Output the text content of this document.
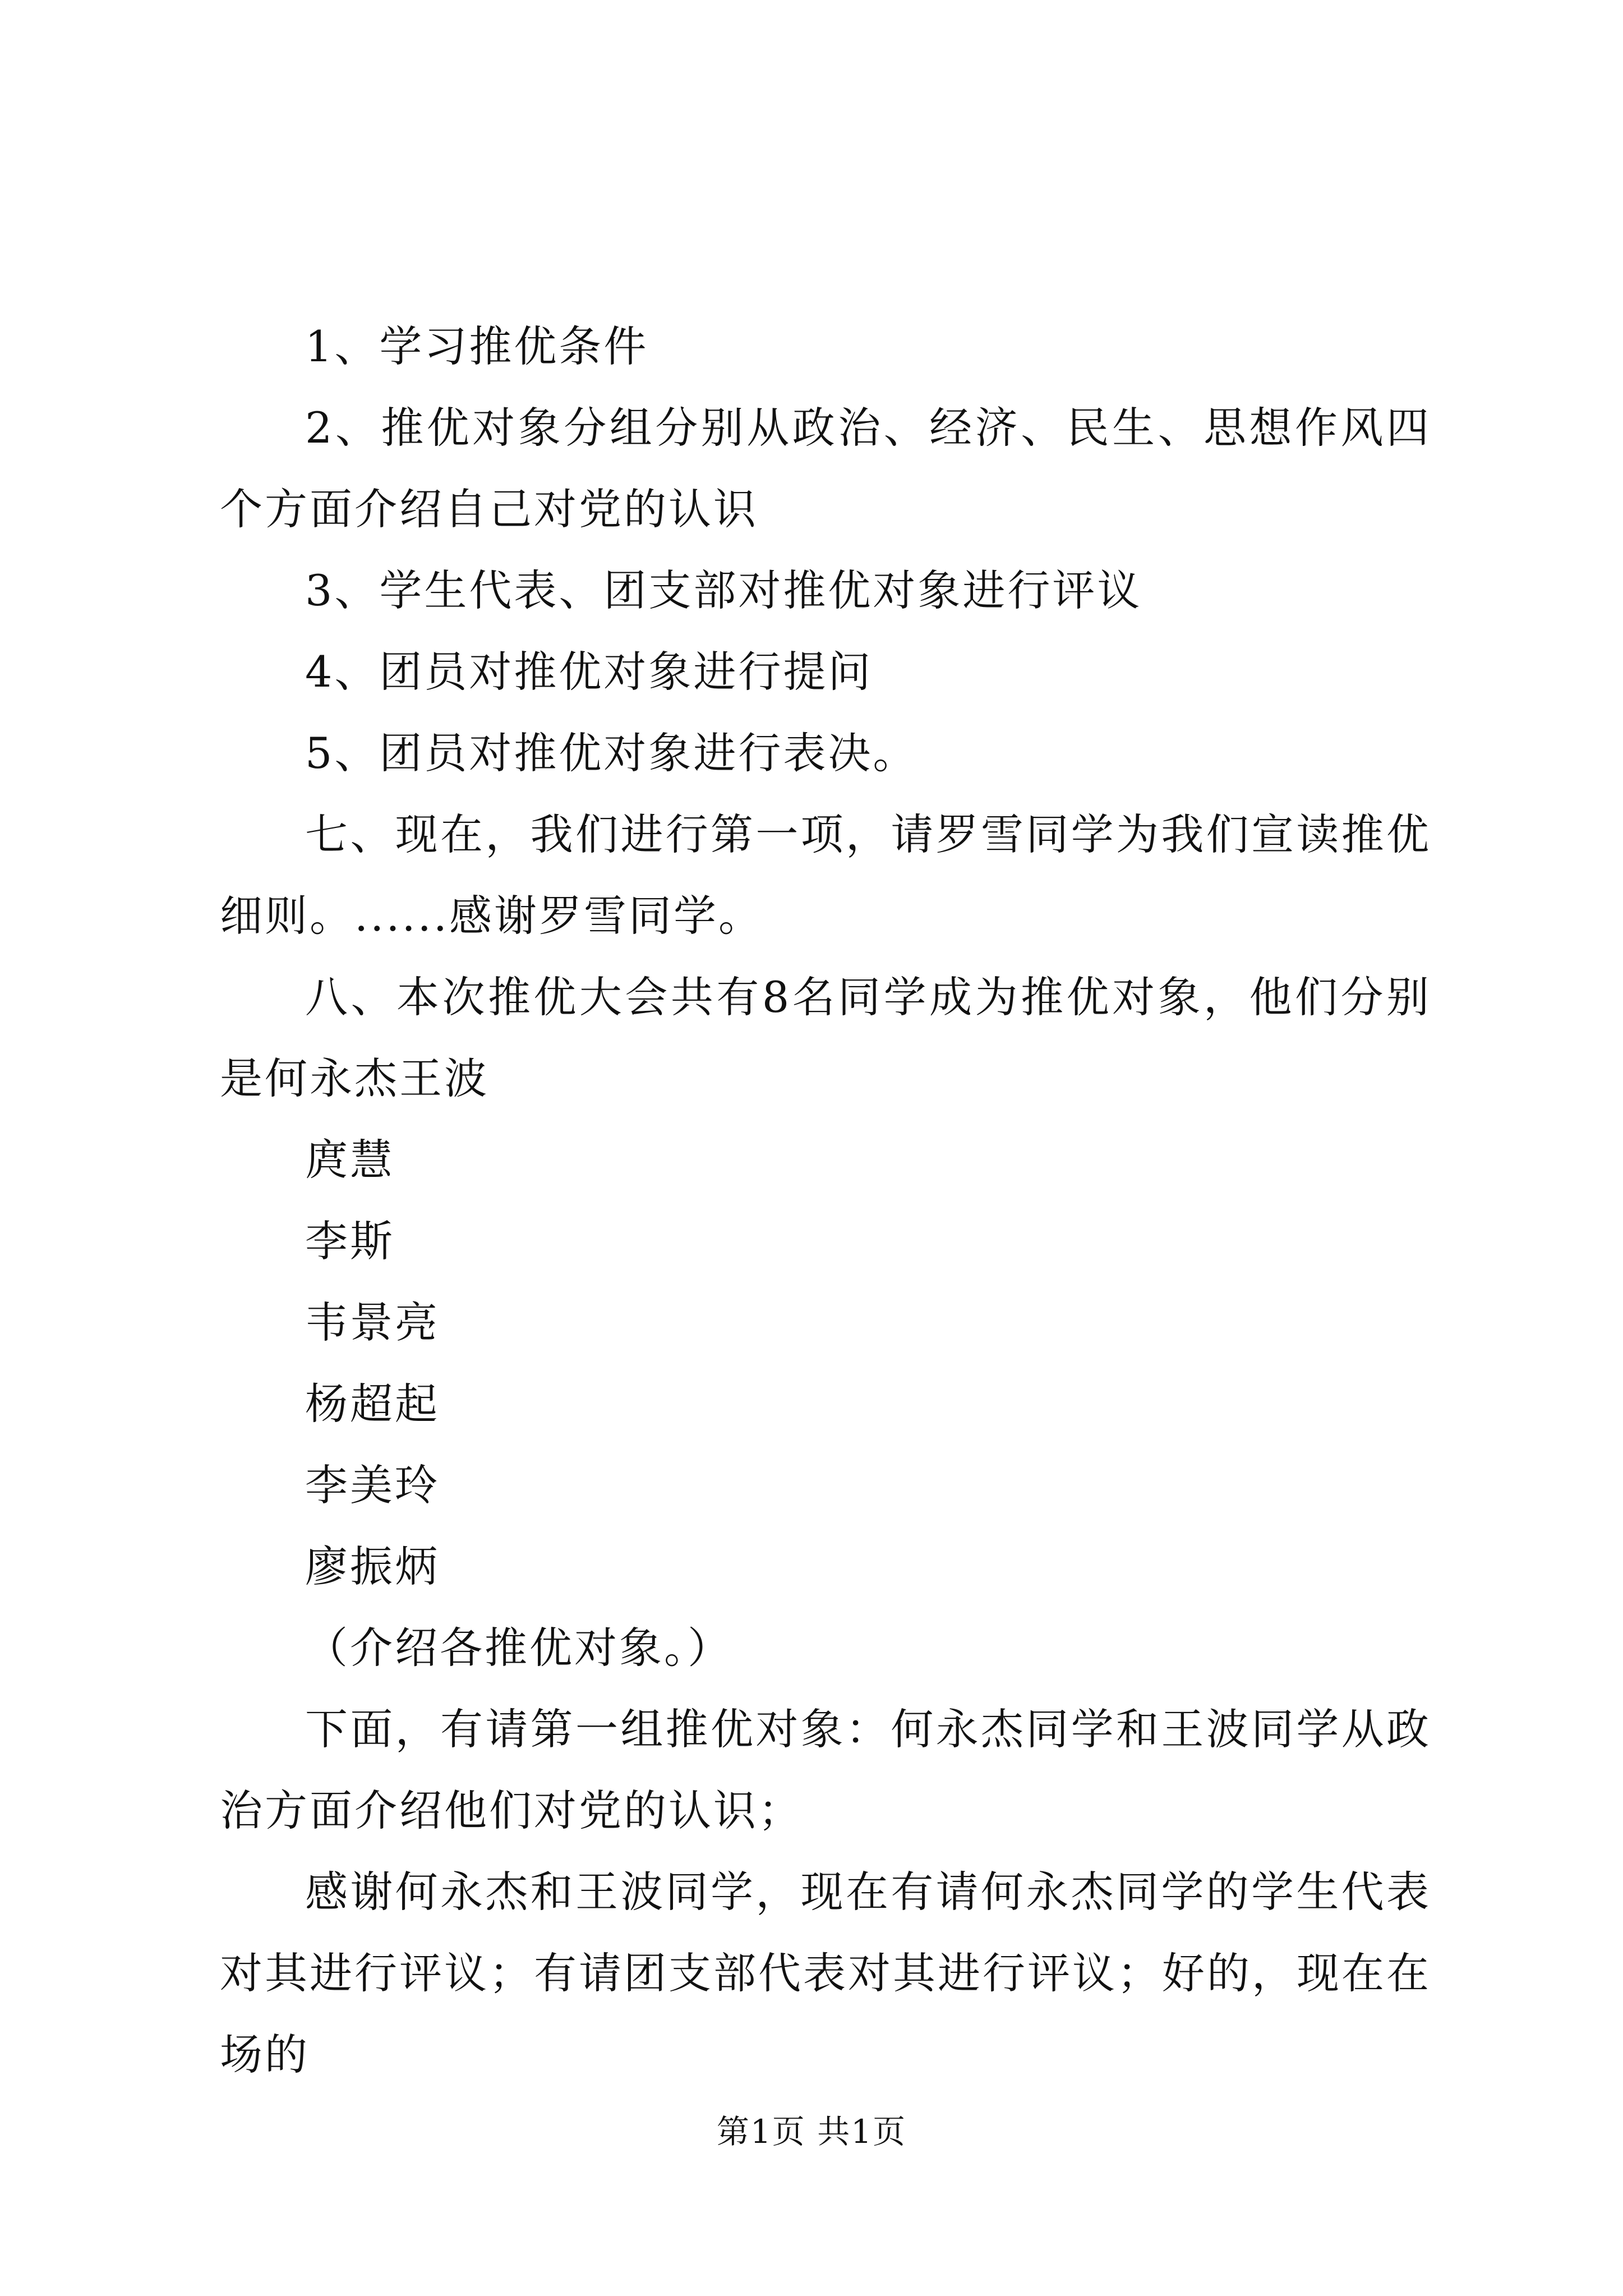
1、学习推优条件

2、推优对象分组分别从政治、经济、民生、思想作风四个方面介绍自己对党的认识

3、学生代表、团支部对推优对象进行评议

4、团员对推优对象进行提问

5、团员对推优对象进行表决。

七、现在，我们进行第一项，请罗雪同学为我们宣读推优细则。......感谢罗雪同学。

八、本次推优大会共有8名同学成为推优对象，他们分别是何永杰王波

庹慧

李斯

韦景亮

杨超起

李美玲

廖振炳

（介绍各推优对象。）

下面，有请第一组推优对象：何永杰同学和王波同学从政治方面介绍他们对党的认识；

感谢何永杰和王波同学，现在有请何永杰同学的学生代表对其进行评议；有请团支部代表对其进行评议；好的，现在在场的

第1页 共1页
